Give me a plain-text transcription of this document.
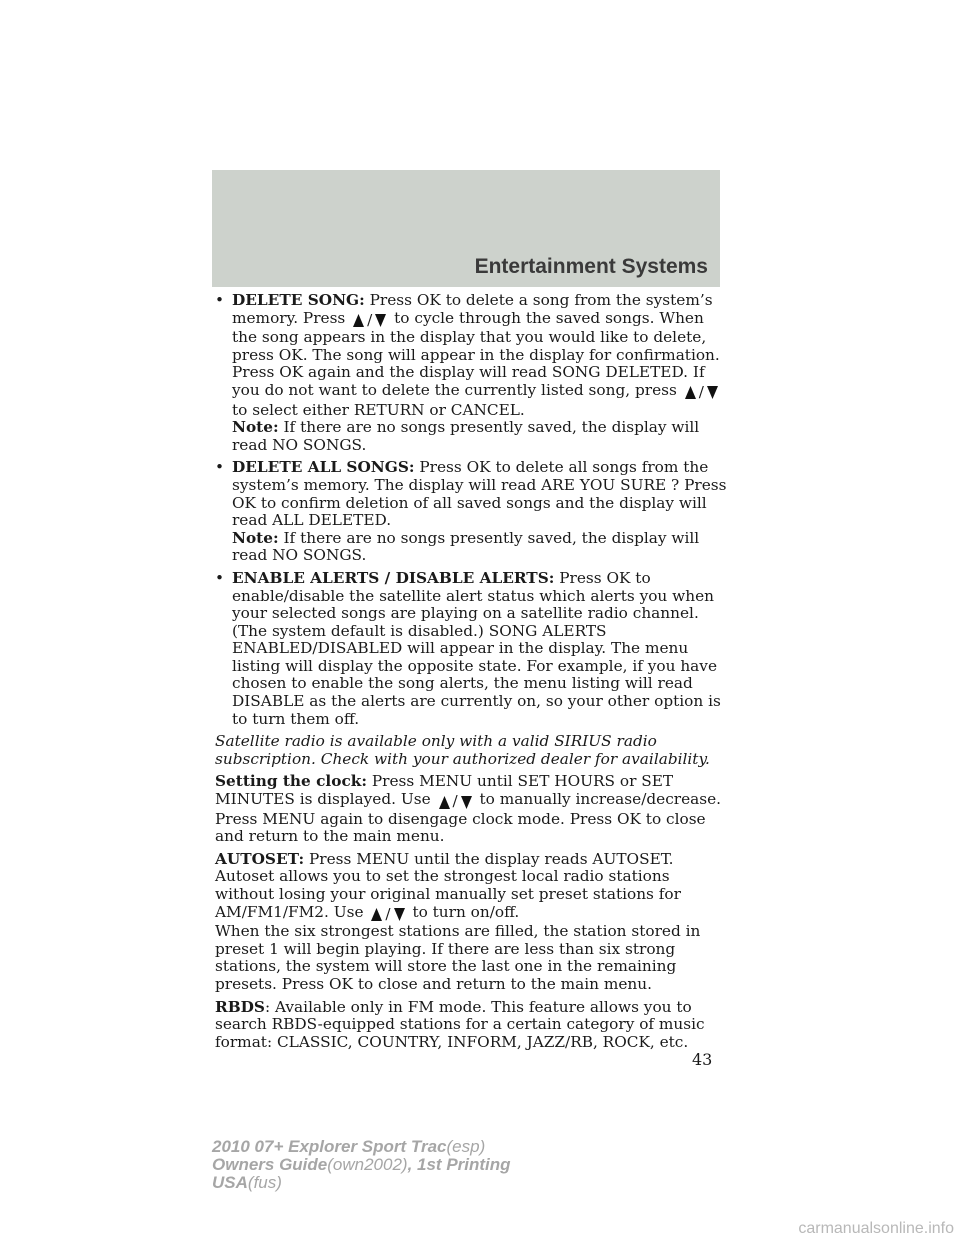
Entertainment Systems
• DELETE SONG: Press OK to delete a song from the system’s memory. Press / to cycle through the saved songs. When the song appears in the display that you would like to delete, press OK. The song will appear in the display for confirmation. Press OK again and the display will read SONG DELETED. If you do not want to delete the currently listed song, press / to select either RETURN or CANCEL.
Note: If there are no songs presently saved, the display will read NO SONGS.
• DELETE ALL SONGS: Press OK to delete all songs from the system’s memory. The display will read ARE YOU SURE ? Press OK to confirm deletion of all saved songs and the display will read ALL DELETED.
Note: If there are no songs presently saved, the display will read NO SONGS.
• ENABLE ALERTS / DISABLE ALERTS: Press OK to enable/disable the satellite alert status which alerts you when your selected songs are playing on a satellite radio channel. (The system default is disabled.) SONG ALERTS ENABLED/DISABLED will appear in the display. The menu listing will display the opposite state. For example, if you have chosen to enable the song alerts, the menu listing will read DISABLE as the alerts are currently on, so your other option is to turn them off.

Satellite radio is available only with a valid SIRIUS radio subscription. Check with your authorized dealer for availability.

Setting the clock: Press MENU until SET HOURS or SET MINUTES is displayed. Use / to manually increase/decrease. Press MENU again to disengage clock mode. Press OK to close and return to the main menu.

AUTOSET: Press MENU until the display reads AUTOSET. Autoset allows you to set the strongest local radio stations without losing your original manually set preset stations for AM/FM1/FM2. Use / to turn on/off.
When the six strongest stations are filled, the station stored in preset 1 will begin playing. If there are less than six strong stations, the system will store the last one in the remaining presets. Press OK to close and return to the main menu.

RBDS: Available only in FM mode. This feature allows you to search RBDS-equipped stations for a certain category of music format: CLASSIC, COUNTRY, INFORM, JAZZ/RB, ROCK, etc.

43
2010 07+ Explorer Sport Trac(esp)
Owners Guide(own2002), 1st Printing
USA(fus)
carmanualsonline.info
